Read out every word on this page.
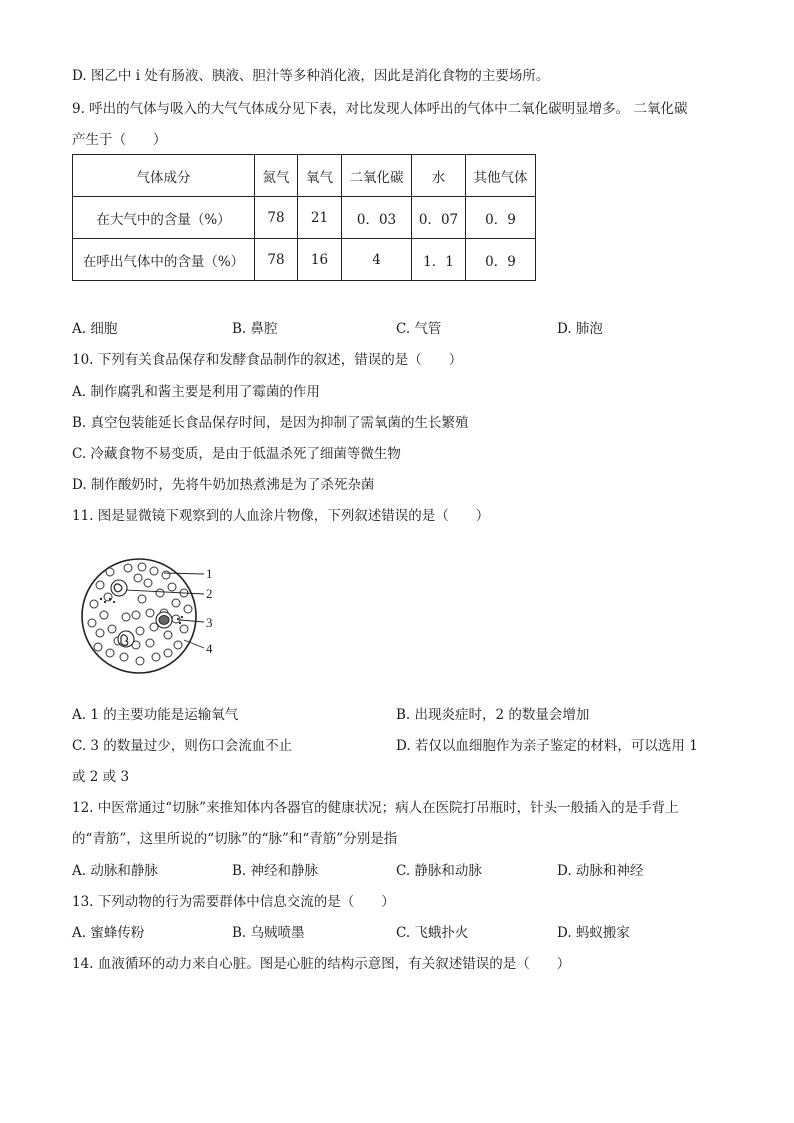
D. 图乙中 i 处有肠液、胰液、胆汁等多种消化液，因此是消化食物的主要场所。
9. 呼出的气体与吸入的大气气体成分见下表，对比发现人体呼出的气体中二氧化碳明显增多。 二氧化碳
产生于（　　）
气体成分	氮气	氧气	二氧化碳	水	其他气体
在大气中的含量（%）	78	21	0．03	0．07	0．9
在呼出气体中的含量（%）	78	16	4	1．1	0．9
A. 细胞	B. 鼻腔	C. 气管	D. 肺泡
10. 下列有关食品保存和发酵食品制作的叙述，错误的是（　　）
A. 制作腐乳和酱主要是利用了霉菌的作用
B. 真空包装能延长食品保存时间，是因为抑制了需氧菌的生长繁殖
C. 冷藏食物不易变质，是由于低温杀死了细菌等微生物
D. 制作酸奶时，先将牛奶加热煮沸是为了杀死杂菌
11. 图是显微镜下观察到的人血涂片物像，下列叙述错误的是（　　）
1
2
3
4
A. 1 的主要功能是运输氧气	B. 出现炎症时，2 的数量会增加
C. 3 的数量过少，则伤口会流血不止	D. 若仅以血细胞作为亲子鉴定的材料，可以选用 1
或 2 或 3
12. 中医常通过“切脉”来推知体内各器官的健康状况；病人在医院打吊瓶时，针头一般插入的是手背上
的“青筋”，这里所说的“切脉”的“脉”和“青筋”分别是指
A. 动脉和静脉	B. 神经和静脉	C. 静脉和动脉	D. 动脉和神经
13. 下列动物的行为需要群体中信息交流的是（　　）
A. 蜜蜂传粉	B. 乌贼喷墨	C. 飞蛾扑火	D. 蚂蚁搬家
14. 血液循环的动力来自心脏。图是心脏的结构示意图，有关叙述错误的是（　　）
